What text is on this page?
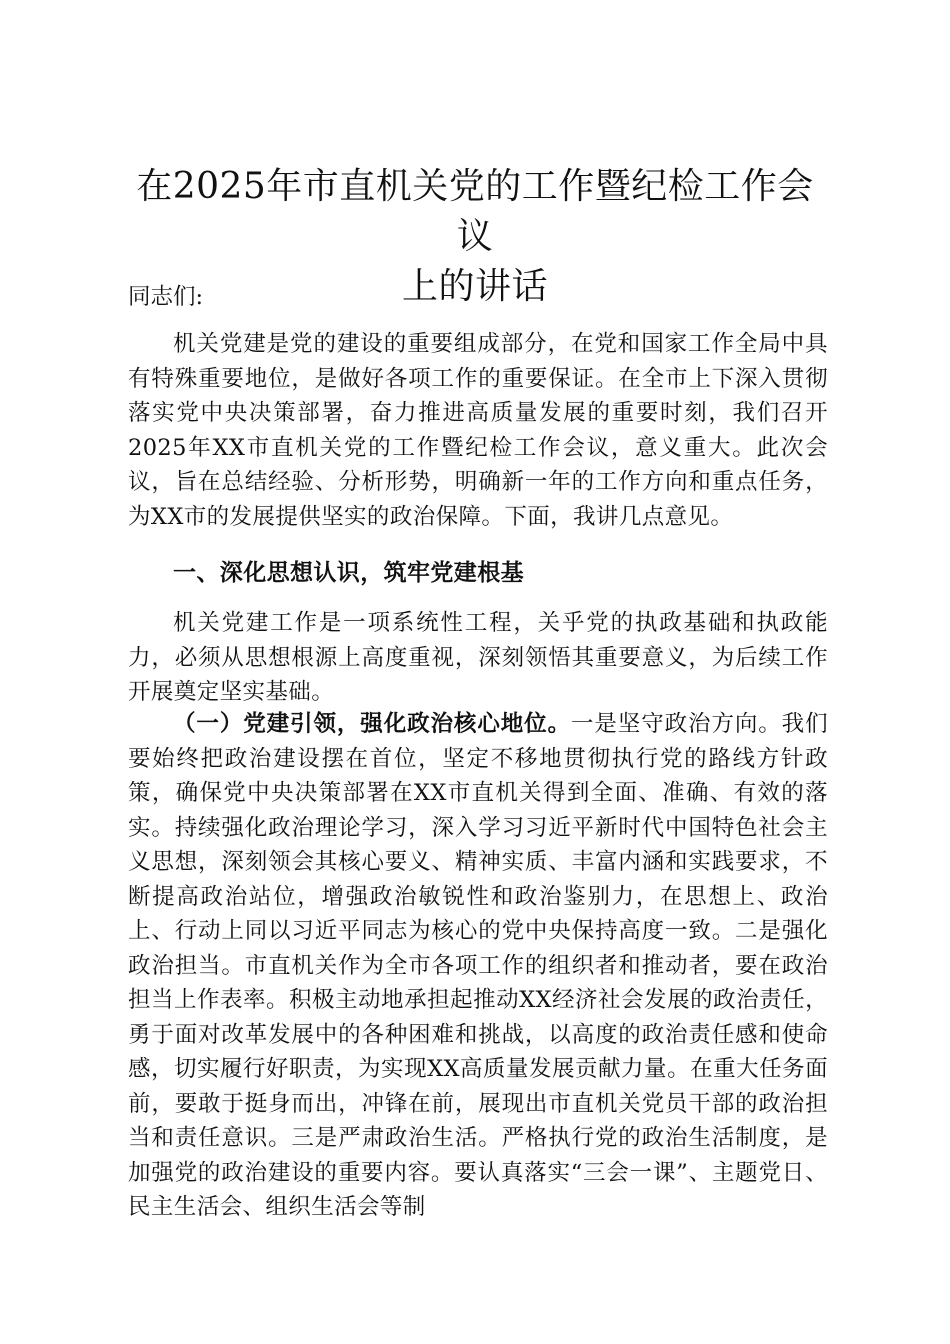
在2025年市直机关党的工作暨纪检工作会议
上的讲话

同志们:

机关党建是党的建设的重要组成部分，在党和国家工作全局中具有特殊重要地位，是做好各项工作的重要保证。在全市上下深入贯彻落实党中央决策部署，奋力推进高质量发展的重要时刻，我们召开2025年XX市直机关党的工作暨纪检工作会议，意义重大。此次会议，旨在总结经验、分析形势，明确新一年的工作方向和重点任务，为XX市的发展提供坚实的政治保障。下面，我讲几点意见。

一、深化思想认识，筑牢党建根基

机关党建工作是一项系统性工程，关乎党的执政基础和执政能力，必须从思想根源上高度重视，深刻领悟其重要意义，为后续工作开展奠定坚实基础。

（一）党建引领，强化政治核心地位。一是坚守政治方向。我们要始终把政治建设摆在首位，坚定不移地贯彻执行党的路线方针政策，确保党中央决策部署在XX市直机关得到全面、准确、有效的落实。持续强化政治理论学习，深入学习习近平新时代中国特色社会主义思想，深刻领会其核心要义、精神实质、丰富内涵和实践要求，不断提高政治站位，增强政治敏锐性和政治鉴别力，在思想上、政治上、行动上同以习近平同志为核心的党中央保持高度一致。二是强化政治担当。市直机关作为全市各项工作的组织者和推动者，要在政治担当上作表率。积极主动地承担起推动XX经济社会发展的政治责任，勇于面对改革发展中的各种困难和挑战，以高度的政治责任感和使命感，切实履行好职责，为实现XX高质量发展贡献力量。在重大任务面前，要敢于挺身而出，冲锋在前，展现出市直机关党员干部的政治担当和责任意识。三是严肃政治生活。严格执行党的政治生活制度，是加强党的政治建设的重要内容。要认真落实“三会一课”、主题党日、民主生活会、组织生活会等制
